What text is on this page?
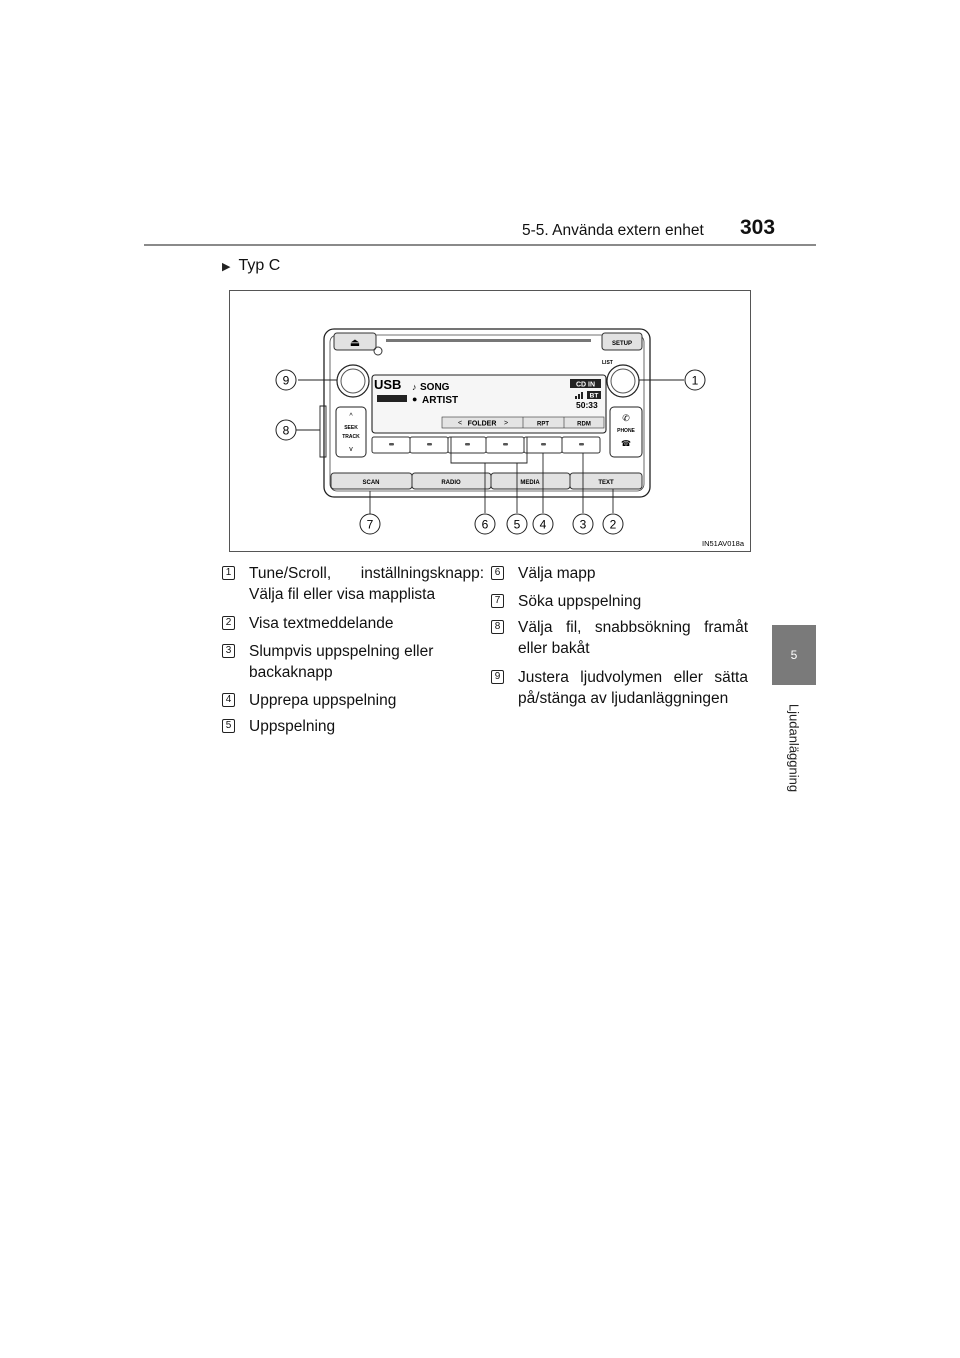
5-5. Använda extern enhet 303
5
Ljudanläggning
▶ Typ C
⏏	SETUP
LIST
USB ♪ SONG
● ARTIST
CD IN
BT
50:33
< FOLDER >	RPT	RDM
^
SEEK
TRACK
v
✆
PHONE
☎
SCAN	RADIO	MEDIA	TEXT
1
2
3
4
5
6
7
8
9
IN51AV018a
1 Tune/Scroll, inställningsknapp: Välja fil eller visa mapplista
2 Visa textmeddelande
3 Slumpvis uppspelning eller backaknapp
4 Upprepa uppspelning
5 Uppspelning
6 Välja mapp
7 Söka uppspelning
8 Välja fil, snabbsökning framåt eller bakåt
9 Justera ljudvolymen eller sätta på/stänga av ljudanläggningen
